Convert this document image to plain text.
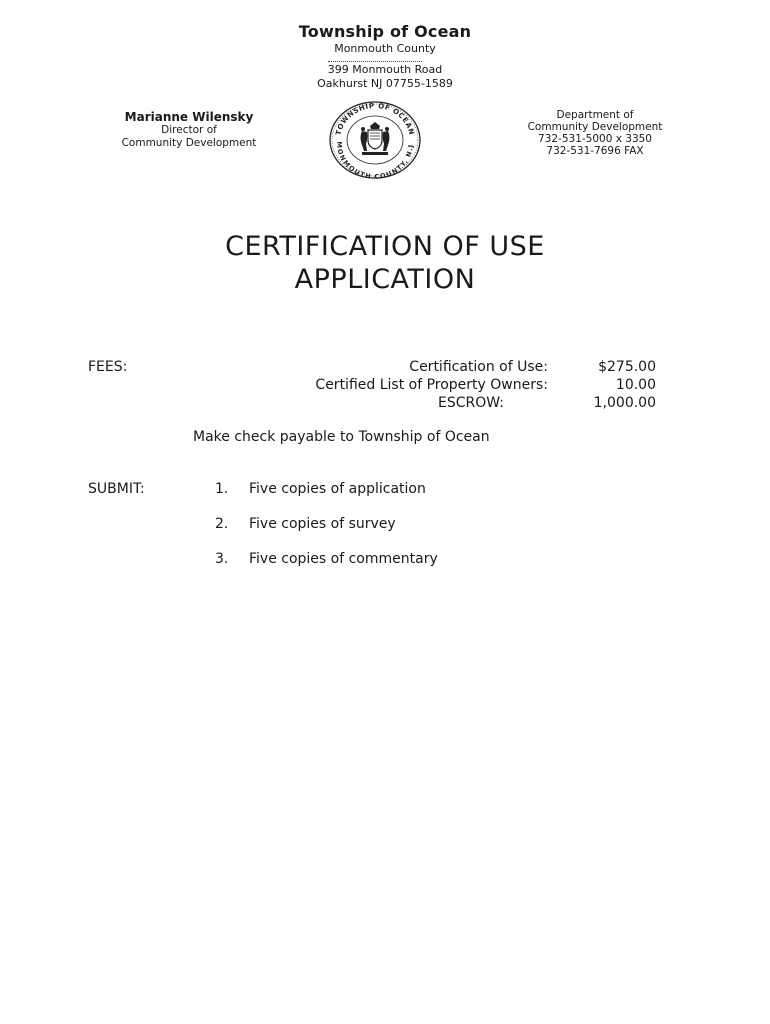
Township of Ocean
Monmouth County
399 Monmouth Road
Oakhurst NJ 07755-1589
Marianne Wilensky
Director of
Community Development
TOWNSHIP OF OCEAN
MONMOUTH COUNTY, N.J
Department of
Community Development
732-531-5000 x 3350
732-531-7696 FAX
CERTIFICATION OF USE
APPLICATION
FEES:	Certification of Use:	$275.00
Certified List of Property Owners:	10.00
ESCROW:	1,000.00
Make check payable to Township of Ocean
SUBMIT:	1. Five copies of application
2. Five copies of survey
3. Five copies of commentary
